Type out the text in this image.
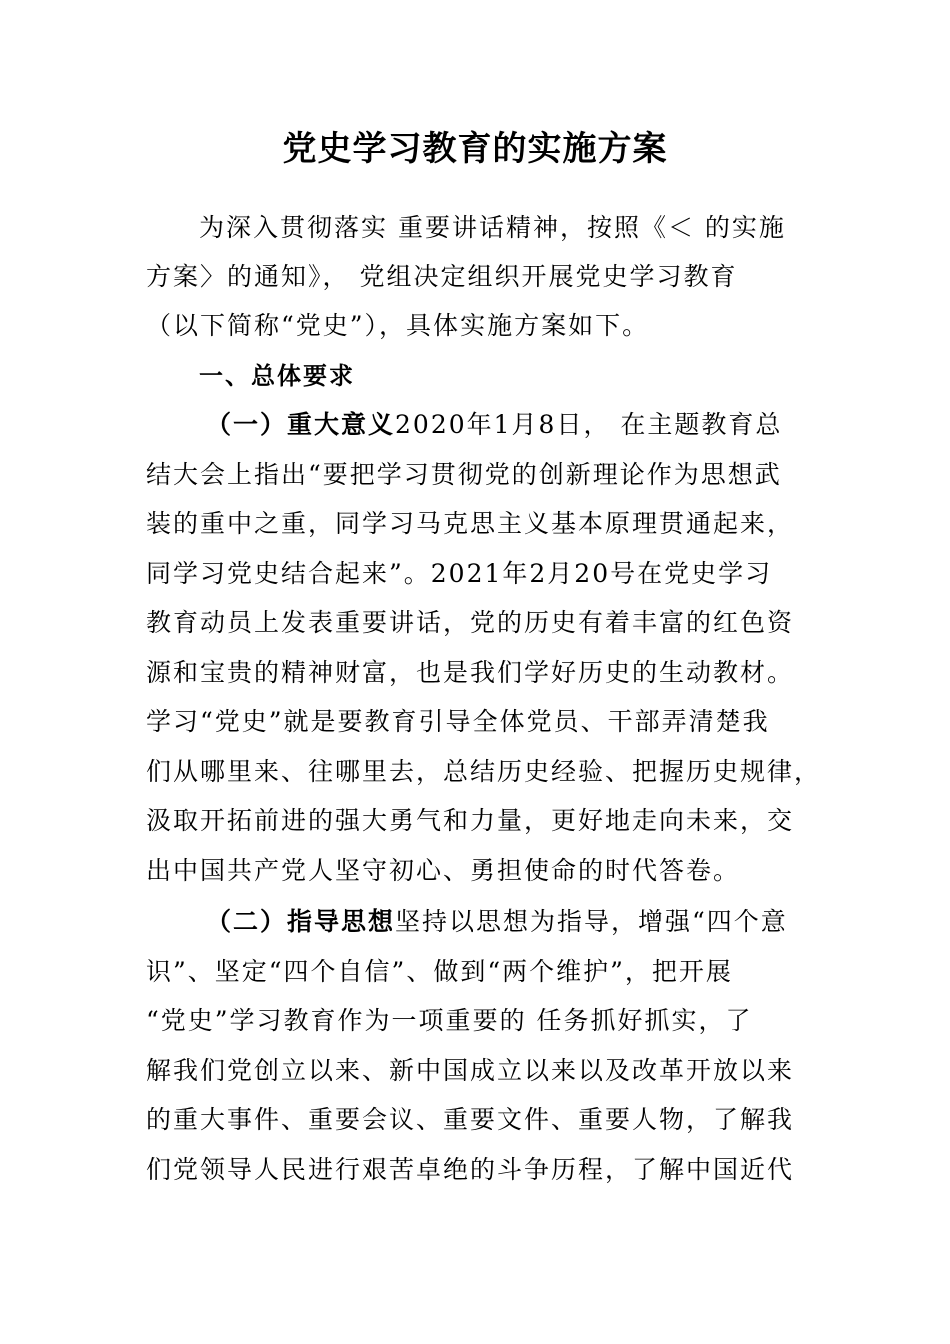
党史学习教育的实施方案
为深入贯彻落实 重要讲话精神，按照《＜ 的实施
方案〉的通知》， 党组决定组织开展党史学习教育
（以下简称“党史”），具体实施方案如下。
一、总体要求
（一）重大意义2020年1月8日， 在主题教育总
结大会上指出“要把学习贯彻党的创新理论作为思想武
装的重中之重，同学习马克思主义基本原理贯通起来，
同学习党史结合起来”。2021年2月20号在党史学习
教育动员上发表重要讲话，党的历史有着丰富的红色资
源和宝贵的精神财富，也是我们学好历史的生动教材。
学习“党史”就是要教育引导全体党员、干部弄清楚我
们从哪里来、往哪里去，总结历史经验、把握历史规律，
汲取开拓前进的强大勇气和力量，更好地走向未来，交
出中国共产党人坚守初心、勇担使命的时代答卷。
（二）指导思想坚持以思想为指导，增强“四个意
识”、坚定“四个自信”、做到“两个维护”，把开展
“党史”学习教育作为一项重要的 任务抓好抓实，了
解我们党创立以来、新中国成立以来以及改革开放以来
的重大事件、重要会议、重要文件、重要人物，了解我
们党领导人民进行艰苦卓绝的斗争历程，了解中国近代
